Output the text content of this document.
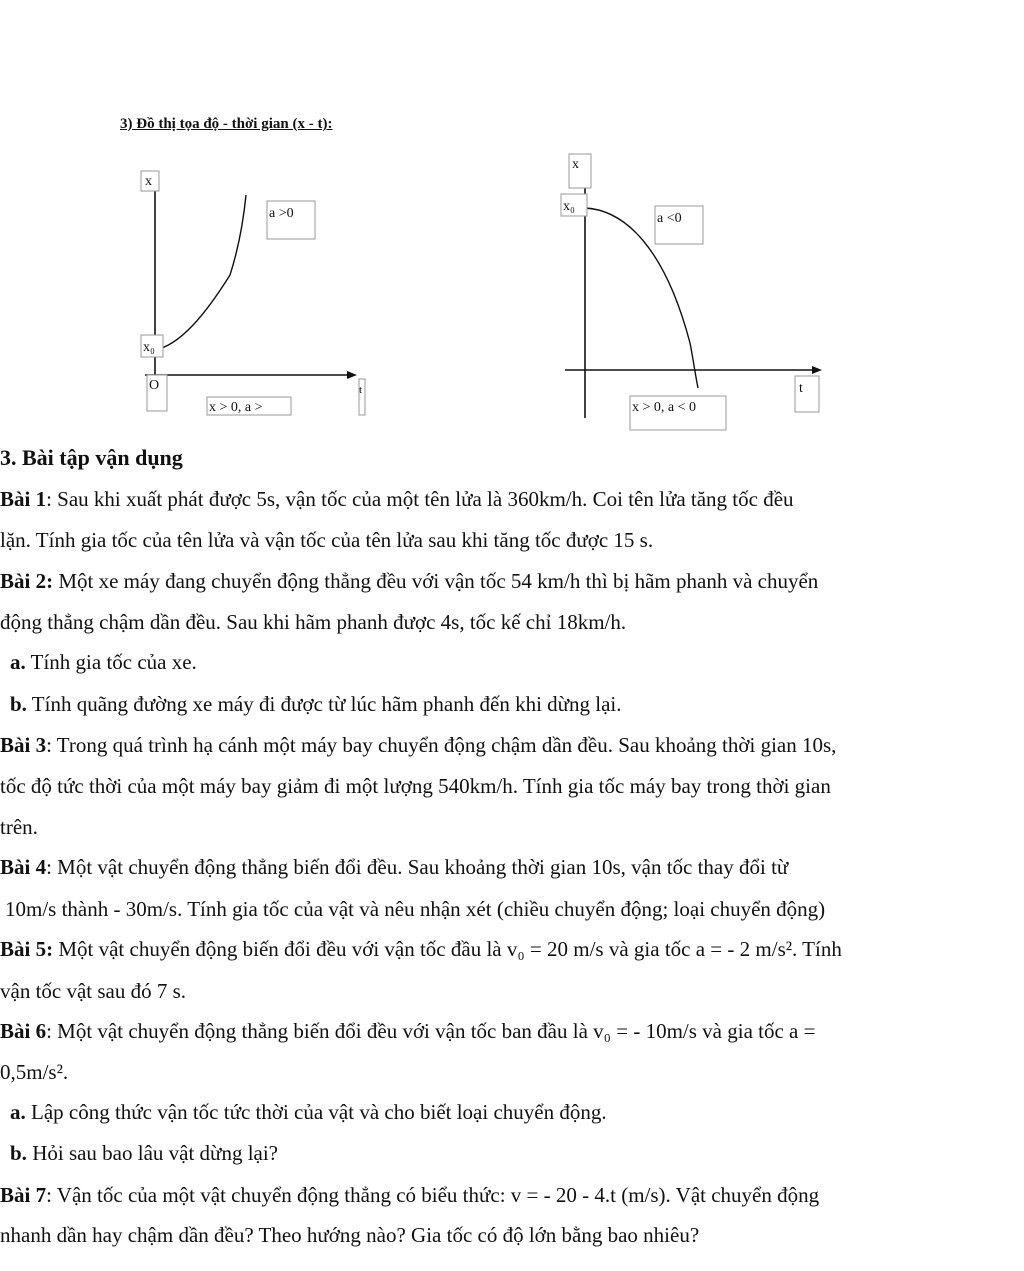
3) Đồ thị tọa độ - thời gian (x - t):
x
a >0
x₀
O
x > 0, a >
t
x
x₀
a <0
x > 0, a < 0
t
3. Bài tập vận dụng
Bài 1: Sau khi xuất phát được 5s, vận tốc của một tên lửa là 360km/h. Coi tên lửa tăng tốc đều
lặn. Tính gia tốc của tên lửa và vận tốc của tên lửa sau khi tăng tốc được 15 s.
Bài 2: Một xe máy đang chuyển động thẳng đều với vận tốc 54 km/h thì bị hãm phanh và chuyển
động thẳng chậm dần đều. Sau khi hãm phanh được 4s, tốc kế chỉ 18km/h.
a. Tính gia tốc của xe.
b. Tính quãng đường xe máy đi được từ lúc hãm phanh đến khi dừng lại.
Bài 3: Trong quá trình hạ cánh một máy bay chuyển động chậm dần đều. Sau khoảng thời gian 10s,
tốc độ tức thời của một máy bay giảm đi một lượng 540km/h. Tính gia tốc máy bay trong thời gian
trên.
Bài 4: Một vật chuyển động thẳng biến đổi đều. Sau khoảng thời gian 10s, vận tốc thay đổi từ
10m/s thành - 30m/s. Tính gia tốc của vật và nêu nhận xét (chiều chuyển động; loại chuyển động)
Bài 5: Một vật chuyển động biến đổi đều với vận tốc đầu là v₀ = 20 m/s và gia tốc a = - 2 m/s². Tính
vận tốc vật sau đó 7 s.
Bài 6: Một vật chuyển động thẳng biến đổi đều với vận tốc ban đầu là v₀ = - 10m/s và gia tốc a =
0,5m/s².
a. Lập công thức vận tốc tức thời của vật và cho biết loại chuyển động.
b. Hỏi sau bao lâu vật dừng lại?
Bài 7: Vận tốc của một vật chuyển động thẳng có biểu thức: v = - 20 - 4.t (m/s). Vật chuyển động
nhanh dần hay chậm dần đều? Theo hướng nào? Gia tốc có độ lớn bằng bao nhiêu?
